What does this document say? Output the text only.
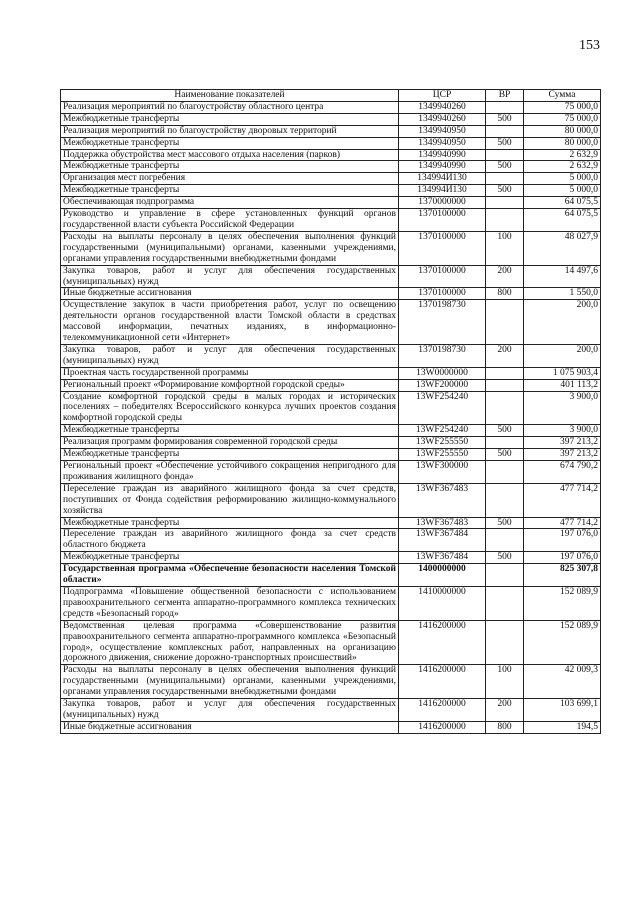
153
Наименование показателей	ЦСР	ВР	Сумма
Реализация мероприятий по благоустройству областного центра	1349940260		75 000,0
Межбюджетные трансферты	1349940260	500	75 000,0
Реализация мероприятий по благоустройству дворовых территорий	1349940950		80 000,0
Межбюджетные трансферты	1349940950	500	80 000,0
Поддержка обустройства мест массового отдыха населения (парков)	1349940990		2 632,9
Межбюджетные трансферты	1349940990	500	2 632,9
Организация мест погребения	134994И130		5 000,0
Межбюджетные трансферты	134994И130	500	5 000,0
Обеспечивающая подпрограмма	1370000000		64 075,5
Руководство и управление в сфере установленных функций органов государственной власти субъекта Российской Федерации	1370100000		64 075,5
Расходы на выплаты персоналу в целях обеспечения выполнения функций государственными (муниципальными) органами, казенными учреждениями, органами управления государственными внебюджетными фондами	1370100000	100	48 027,9
Закупка товаров, работ и услуг для обеспечения государственных (муниципальных) нужд	1370100000	200	14 497,6
Иные бюджетные ассигнования	1370100000	800	1 550,0
Осуществление закупок в части приобретения работ, услуг по освещению деятельности органов государственной власти Томской области в средствах массовой информации, печатных изданиях, в информационно-телекоммуникационной сети «Интернет»	1370198730		200,0
Закупка товаров, работ и услуг для обеспечения государственных (муниципальных) нужд	1370198730	200	200,0
Проектная часть государственной программы	13W0000000		1 075 903,4
Региональный проект «Формирование комфортной городской среды»	13WF200000		401 113,2
Создание комфортной городской среды в малых городах и исторических поселениях – победителях Всероссийского конкурса лучших проектов создания комфортной городской среды	13WF254240		3 900,0
Межбюджетные трансферты	13WF254240	500	3 900,0
Реализация программ формирования современной городской среды	13WF255550		397 213,2
Межбюджетные трансферты	13WF255550	500	397 213,2
Региональный проект «Обеспечение устойчивого сокращения непригодного для проживания жилищного фонда»	13WF300000		674 790,2
Переселение граждан из аварийного жилищного фонда за счет средств, поступивших от Фонда содействия реформированию жилищно-коммунального хозяйства	13WF367483		477 714,2
Межбюджетные трансферты	13WF367483	500	477 714,2
Переселение граждан из аварийного жилищного фонда за счет средств областного бюджета	13WF367484		197 076,0
Межбюджетные трансферты	13WF367484	500	197 076,0
Государственная программа «Обеспечение безопасности населения Томской области»	1400000000		825 307,8
Подпрограмма «Повышение общественной безопасности с использованием правоохранительного сегмента аппаратно-программного комплекса технических средств «Безопасный город»	1410000000		152 089,9
Ведомственная целевая программа «Совершенствование развития правоохранительного сегмента аппаратно-программного комплекса «Безопасный город», осуществление комплексных работ, направленных на организацию дорожного движения, снижение дорожно-транспортных происшествий»	1416200000		152 089,9
Расходы на выплаты персоналу в целях обеспечения выполнения функций государственными (муниципальными) органами, казенными учреждениями, органами управления государственными внебюджетными фондами	1416200000	100	42 009,3
Закупка товаров, работ и услуг для обеспечения государственных (муниципальных) нужд	1416200000	200	103 699,1
Иные бюджетные ассигнования	1416200000	800	194,5
